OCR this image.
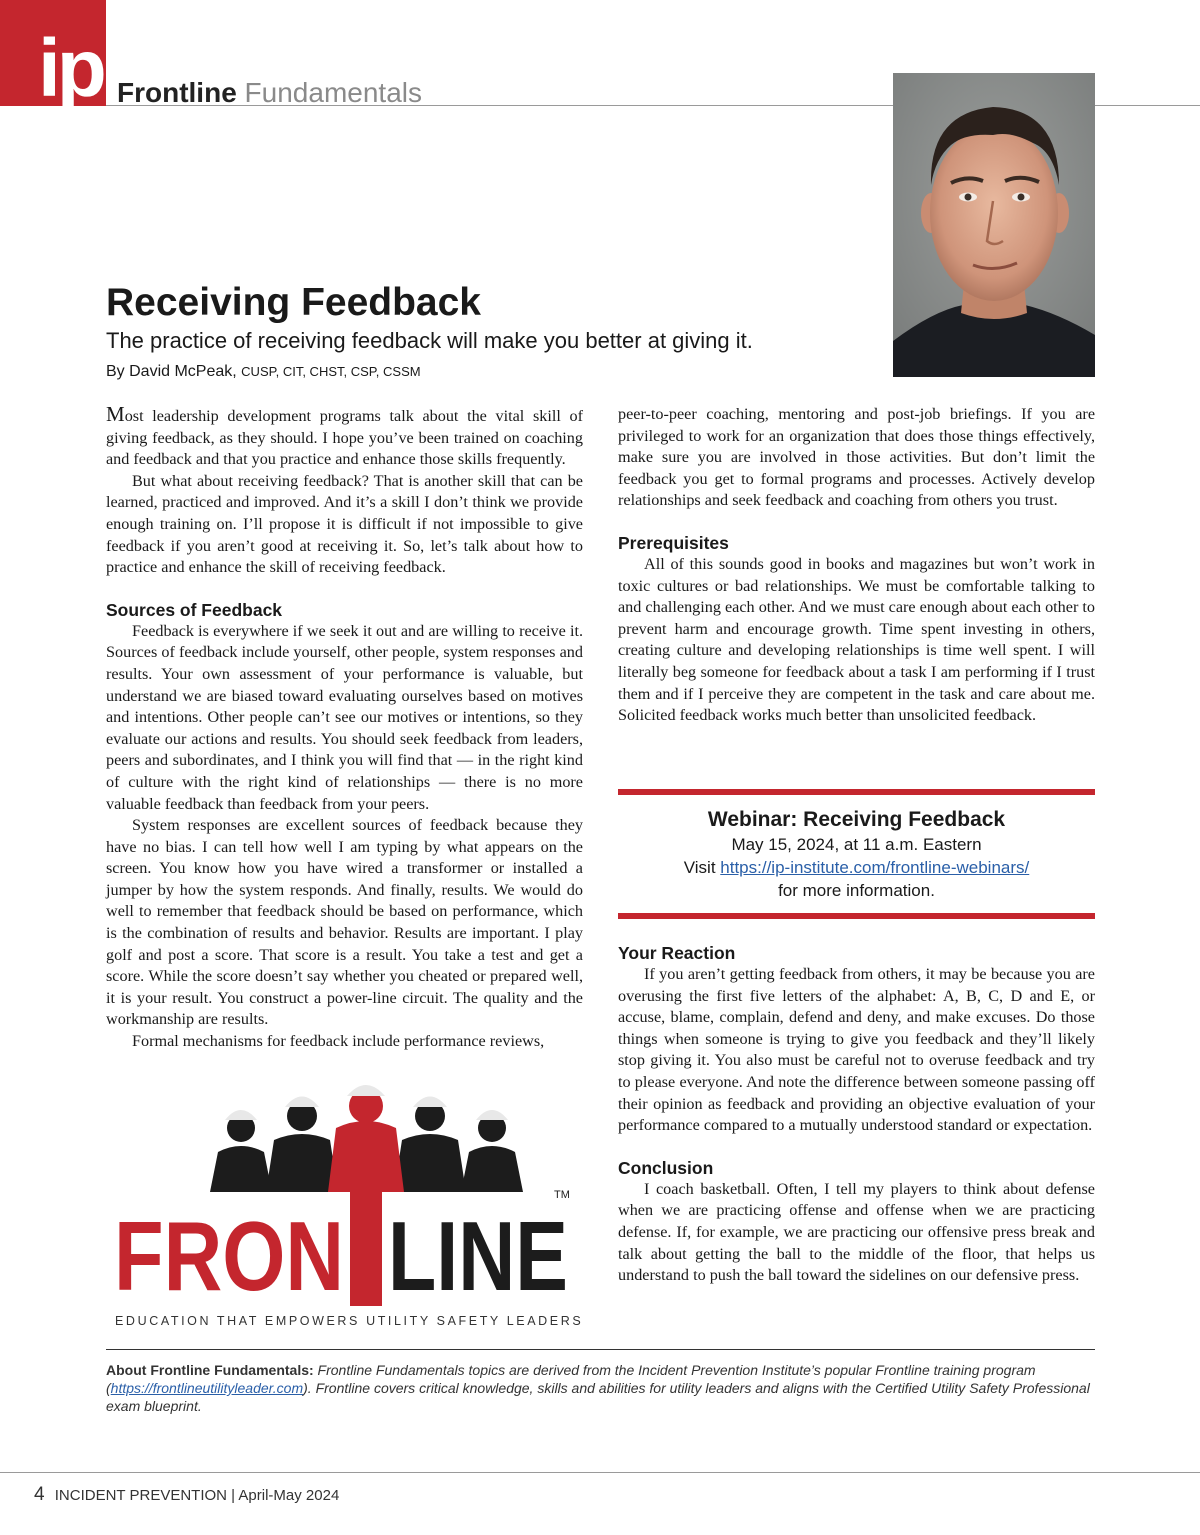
ip Frontline Fundamentals
Receiving Feedback
The practice of receiving feedback will make you better at giving it.
By David McPeak, CUSP, CIT, CHST, CSP, CSSM

Most leadership development programs talk about the vital skill of giving feedback, as they should. I hope you’ve been trained on coaching and feedback and that you practice and enhance those skills frequently.

But what about receiving feedback? That is another skill that can be learned, practiced and improved. And it’s a skill I don’t think we provide enough training on. I’ll propose it is difficult if not impossible to give feedback if you aren’t good at receiving it. So, let’s talk about how to practice and enhance the skill of receiving feedback.

Sources of Feedback

Feedback is everywhere if we seek it out and are willing to receive it. Sources of feedback include yourself, other people, system responses and results. Your own assessment of your performance is valuable, but understand we are biased toward evaluating ourselves based on motives and intentions. Other people can’t see our motives or intentions, so they evaluate our actions and results. You should seek feedback from leaders, peers and subordinates, and I think you will find that — in the right kind of culture with the right kind of relationships — there is no more valuable feedback than feedback from your peers.

System responses are excellent sources of feedback because they have no bias. I can tell how well I am typing by what appears on the screen. You know how you have wired a transformer or installed a jumper by how the system responds. And finally, results. We would do well to remember that feedback should be based on performance, which is the combination of results and behavior. Results are important. I play golf and post a score. That score is a result. You take a test and get a score. While the score doesn’t say whether you cheated or prepared well, it is your result. You construct a power-line circuit. The quality and the workmanship are results.

Formal mechanisms for feedback include performance reviews,

peer-to-peer coaching, mentoring and post-job briefings. If you are privileged to work for an organization that does those things effectively, make sure you are involved in those activities. But don’t limit the feedback you get to formal programs and processes. Actively develop relationships and seek feedback and coaching from others you trust.

Prerequisites

All of this sounds good in books and magazines but won’t work in toxic cultures or bad relationships. We must be comfortable talking to and challenging each other. And we must care enough about each other to prevent harm and encourage growth. Time spent investing in others, creating culture and developing relationships is time well spent. I will literally beg someone for feedback about a task I am performing if I trust them and if I perceive they are competent in the task and care about me. Solicited feedback works much better than unsolicited feedback.

Webinar: Receiving Feedback
May 15, 2024, at 11 a.m. Eastern
Visit https://ip-institute.com/frontline-webinars/
for more information.
Your Reaction

If you aren’t getting feedback from others, it may be because you are overusing the first five letters of the alphabet: A, B, C, D and E, or accuse, blame, complain, defend and deny, and make excuses. Do those things when someone is trying to give you feedback and they’ll likely stop giving it. You also must be careful not to overuse feedback and try to please everyone. And note the difference between someone passing off their opinion as feedback and providing an objective evaluation of your performance compared to a mutually understood standard or expectation.

Conclusion

I coach basketball. Often, I tell my players to think about defense when we are practicing offense and offense when we are practicing defense. If, for example, we are practicing our offensive press break and talk about getting the ball to the middle of the floor, that helps us understand to push the ball toward the sidelines on our defensive press.

FRON LINE
TM
EDUCATION THAT EMPOWERS UTILITY SAFETY LEADERS
About Frontline Fundamentals: Frontline Fundamentals topics are derived from the Incident Prevention Institute’s popular Frontline training program (https://frontlineutilityleader.com). Frontline covers critical knowledge, skills and abilities for utility leaders and aligns with the Certified Utility Safety Professional exam blueprint.
4 INCIDENT PREVENTION | April-May 2024
